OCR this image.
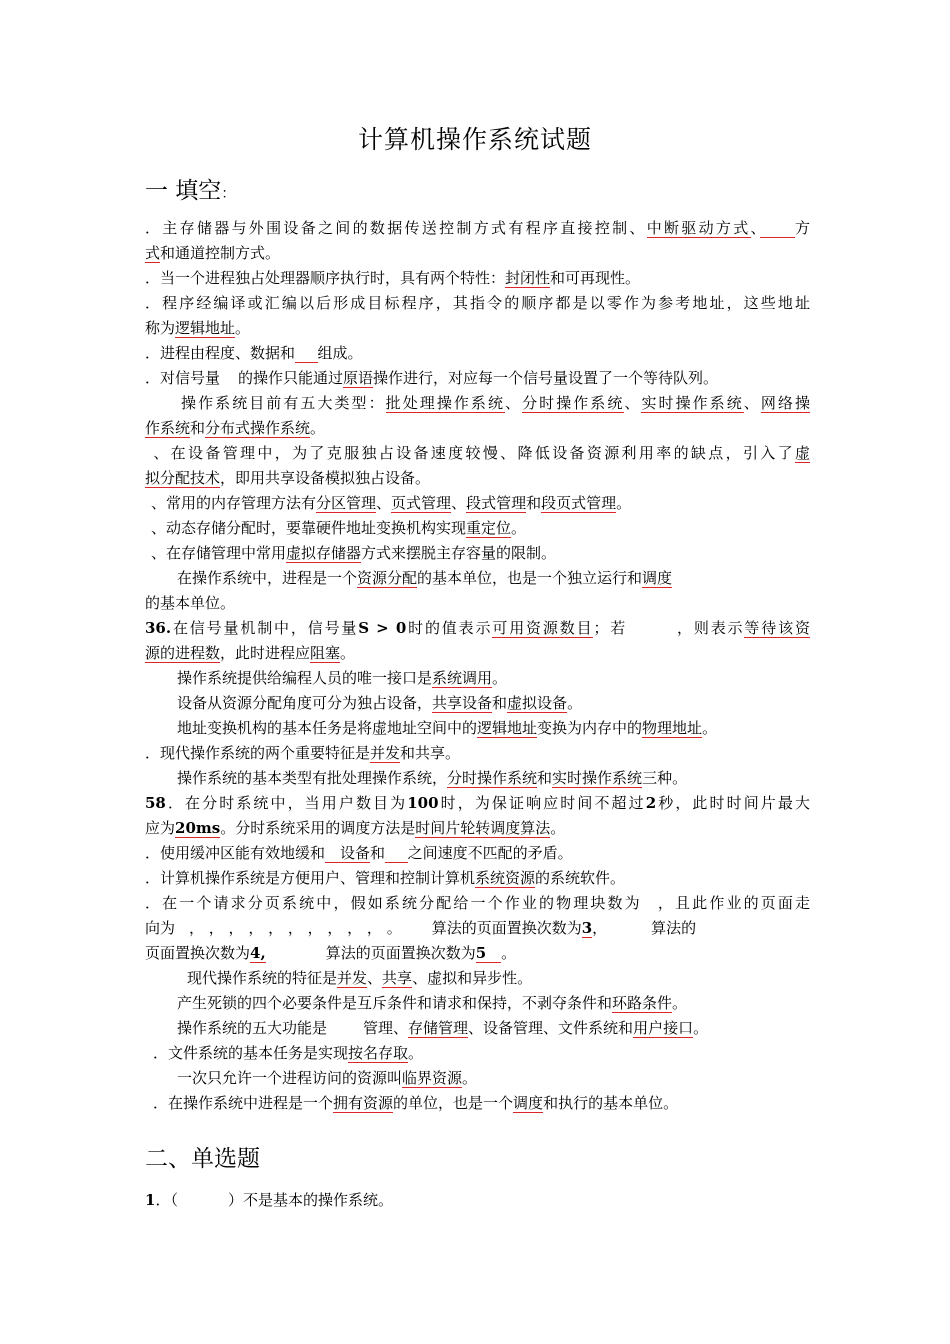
计算机操作系统试题
一 填空：
．主存储器与外围设备之间的数据传送控制方式有程序直接控制、中断驱动方式、　　 方
式和通道控制方式。
．当一个进程独占处理器顺序执行时，具有两个特性：封闭性和可再现性。
．程序经编译或汇编以后形成目标程序，其指令的顺序都是以零作为参考地址，这些地址
称为逻辑地址。
．进程由程度、数据和　  组成。
．对信号量 的操作只能通过原语操作进行，对应每一个信号量设置了一个等待队列。
操作系统目前有五大类型：批处理操作系统、分时操作系统、实时操作系统、网络操
作系统和分布式操作系统。
、在设备管理中，为了克服独占设备速度较慢、降低设备资源利用率的缺点，引入了虚
拟分配技术，即用共享设备模拟独占设备。
、常用的内存管理方法有分区管理、页式管理、段式管理和段页式管理。
、动态存储分配时，要靠硬件地址变换机构实现重定位。
、在存储管理中常用虚拟存储器方式来摆脱主存容量的限制。
在操作系统中，进程是一个资源分配的基本单位，也是一个独立运行和调度
的基本单位。
36.在信号量机制中，信号量S > 0时的值表示可用资源数目；若	，则表示等待该资
源的进程数，此时进程应阻塞。
操作系统提供给编程人员的唯一接口是系统调用。
设备从资源分配角度可分为独占设备，共享设备和虚拟设备。
地址变换机构的基本任务是将虚地址空间中的逻辑地址变换为内存中的物理地址。
．现代操作系统的两个重要特征是并发和共享。
操作系统的基本类型有批处理操作系统，分时操作系统和实时操作系统三种。
58．在分时系统中，当用户数目为100时，为保证响应时间不超过2秒，此时时间片最大
应为20ms。分时系统采用的调度方法是时间片轮转调度算法。
．使用缓冲区能有效地缓和   设备和　  之间速度不匹配的矛盾。
．计算机操作系统是方便用户、管理和控制计算机系统资源的系统软件。
．在一个请求分页系统中，假如系统分配给一个作业的物理块数为 ，且此作业的页面走
向为 ， ， ， ， ， ， ， ， ， ， 。 算法的页面置换次数为3，	算法的
页面置换次数为4,	算法的页面置换次数为5   。
现代操作系统的特征是并发、共享、虚拟和异步性。
产生死锁的四个必要条件是互斥条件和请求和保持，不剥夺条件和环路条件。
操作系统的五大功能是 管理、存储管理、设备管理、文件系统和用户接口。
．文件系统的基本任务是实现按名存取。
一次只允许一个进程访问的资源叫临界资源。
．在操作系统中进程是一个拥有资源的单位，也是一个调度和执行的基本单位。
二、单选题
1．（	）不是基本的操作系统。
